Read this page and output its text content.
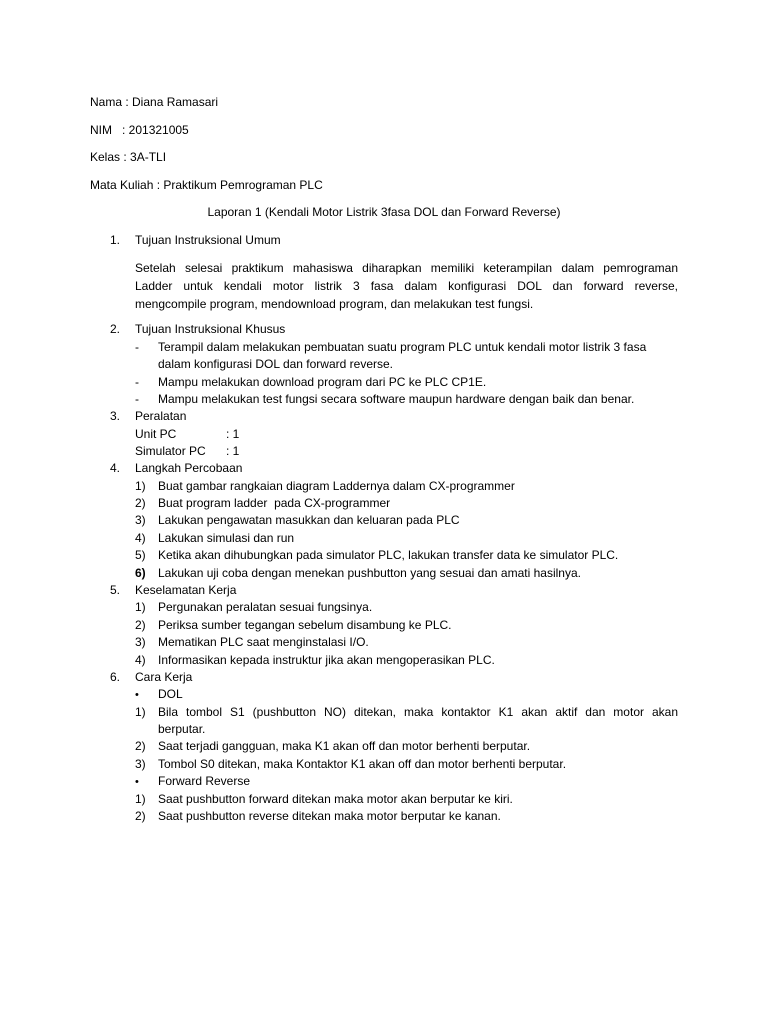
Nama : Diana Ramasari
NIM   : 201321005
Kelas : 3A-TLI
Mata Kuliah : Praktikum Pemrograman PLC
Laporan 1 (Kendali Motor Listrik 3fasa DOL dan Forward Reverse)
1. Tujuan Instruksional Umum
Setelah selesai praktikum mahasiswa diharapkan memiliki keterampilan dalam pemrograman
Ladder untuk kendali motor listrik 3 fasa dalam konfigurasi DOL dan forward reverse,
mengcompile program, mendownload program, dan melakukan test fungsi.
2. Tujuan Instruksional Khusus
- Terampil dalam melakukan pembuatan suatu program PLC untuk kendali motor listrik 3 fasa
dalam konfigurasi DOL dan forward reverse.
- Mampu melakukan download program dari PC ke PLC CP1E.
- Mampu melakukan test fungsi secara software maupun hardware dengan baik dan benar.
3. Peralatan
Unit PC	: 1
Simulator PC : 1
4. Langkah Percobaan
1) Buat gambar rangkaian diagram Laddernya dalam CX-programmer
2) Buat program ladder  pada CX-programmer
3) Lakukan pengawatan masukkan dan keluaran pada PLC
4) Lakukan simulasi dan run
5) Ketika akan dihubungkan pada simulator PLC, lakukan transfer data ke simulator PLC.
6) Lakukan uji coba dengan menekan pushbutton yang sesuai dan amati hasilnya.
5. Keselamatan Kerja
1) Pergunakan peralatan sesuai fungsinya.
2) Periksa sumber tegangan sebelum disambung ke PLC.
3) Mematikan PLC saat menginstalasi I/O.
4) Informasikan kepada instruktur jika akan mengoperasikan PLC.
6. Cara Kerja
• DOL
1) Bila tombol S1 (pushbutton NO) ditekan, maka kontaktor K1 akan aktif dan motor akan
berputar.
2) Saat terjadi gangguan, maka K1 akan off dan motor berhenti berputar.
3) Tombol S0 ditekan, maka Kontaktor K1 akan off dan motor berhenti berputar.
• Forward Reverse
1) Saat pushbutton forward ditekan maka motor akan berputar ke kiri.
2) Saat pushbutton reverse ditekan maka motor berputar ke kanan.
